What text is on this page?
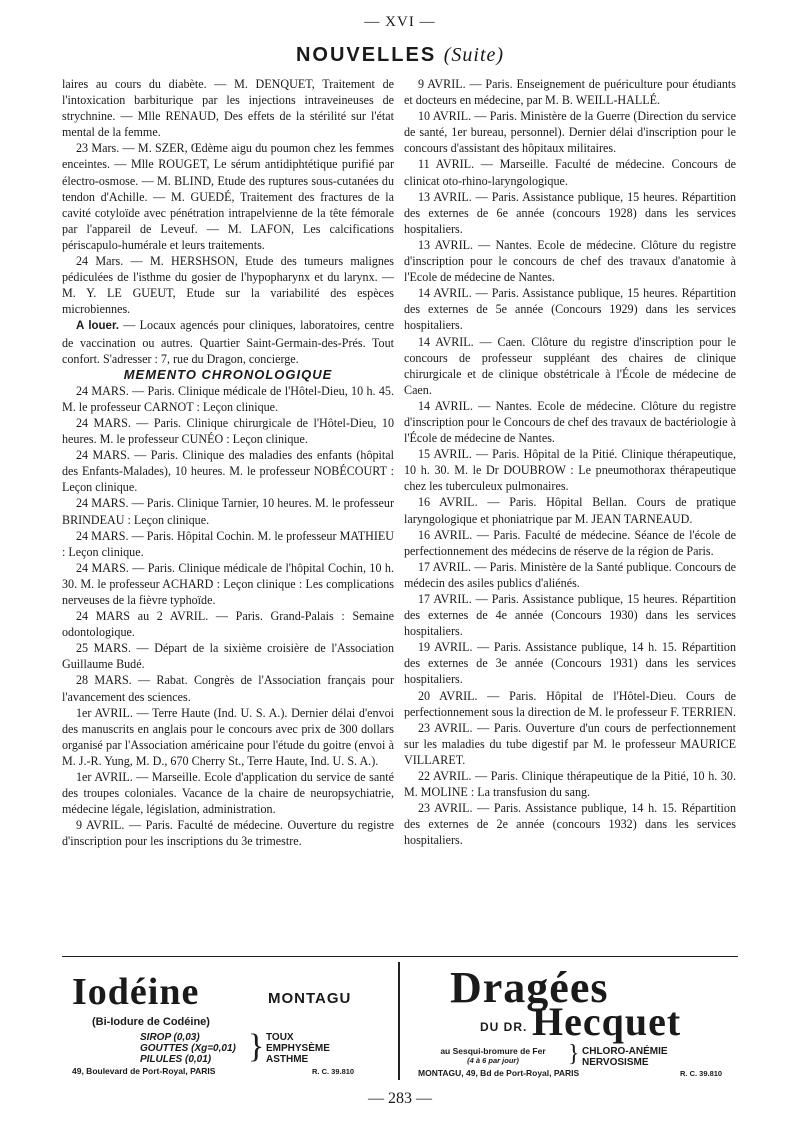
— XVI —
NOUVELLES (Suite)

laires au cours du diabète. — M. DENQUET, Traitement de l'intoxication barbiturique par les injections intraveineuses de strychnine. — Mlle RENAUD, Des effets de la stérilité sur l'état mental de la femme.

23 Mars. — M. SZER, Œdème aigu du poumon chez les femmes enceintes. — Mlle ROUGET, Le sérum antidiphtétique purifié par électro-osmose. — M. BLIND, Etude des ruptures sous-cutanées du tendon d'Achille. — M. GUEDÉ, Traitement des fractures de la cavité cotyloïde avec pénétration intrapelvienne de la tête fémorale par l'appareil de Leveuf. — M. LAFON, Les calcifications périscapulo-humérale et leurs traitements.

24 Mars. — M. HERSHSON, Etude des tumeurs malignes pédiculées de l'isthme du gosier de l'hypopharynx et du larynx. — M. Y. LE GUEUT, Etude sur la variabilité des espèces microbiennes.

A louer. — Locaux agencés pour cliniques, laboratoires, centre de vaccination ou autres. Quartier Saint-Germain-des-Prés. Tout confort. S'adresser : 7, rue du Dragon, concierge.

MEMENTO CHRONOLOGIQUE

24 MARS. — Paris. Clinique médicale de l'Hôtel-Dieu, 10 h. 45. M. le professeur CARNOT : Leçon clinique.

24 MARS. — Paris. Clinique chirurgicale de l'Hôtel-Dieu, 10 heures. M. le professeur CUNÉO : Leçon clinique.

24 MARS. — Paris. Clinique des maladies des enfants (hôpital des Enfants-Malades), 10 heures. M. le professeur NOBÉCOURT : Leçon clinique.

24 MARS. — Paris. Clinique Tarnier, 10 heures. M. le professeur BRINDEAU : Leçon clinique.

24 MARS. — Paris. Hôpital Cochin. M. le professeur MATHIEU : Leçon clinique.

24 MARS. — Paris. Clinique médicale de l'hôpital Cochin, 10 h. 30. M. le professeur ACHARD : Leçon clinique : Les complications nerveuses de la fièvre typhoïde.

24 MARS au 2 AVRIL. — Paris. Grand-Palais : Semaine odontologique.

25 MARS. — Départ de la sixième croisière de l'Association Guillaume Budé.

28 MARS. — Rabat. Congrès de l'Association français pour l'avancement des sciences.

1er AVRIL. — Terre Haute (Ind. U. S. A.). Dernier délai d'envoi des manuscrits en anglais pour le concours avec prix de 300 dollars organisé par l'Association américaine pour l'étude du goitre (envoi à M. J.-R. Yung, M. D., 670 Cherry St., Terre Haute, Ind. U. S. A.).

1er AVRIL. — Marseille. Ecole d'application du service de santé des troupes coloniales. Vacance de la chaire de neuropsychiatrie, médecine légale, législation, administration.

9 AVRIL. — Paris. Faculté de médecine. Ouverture du registre d'inscription pour les inscriptions du 3e trimestre.

9 AVRIL. — Paris. Enseignement de puériculture pour étudiants et docteurs en médecine, par M. B. WEILL-HALLÉ.

10 AVRIL. — Paris. Ministère de la Guerre (Direction du service de santé, 1er bureau, personnel). Dernier délai d'inscription pour le concours d'assistant des hôpitaux militaires.

11 AVRIL. — Marseille. Faculté de médecine. Concours de clinicat oto-rhino-laryngologique.

13 AVRIL. — Paris. Assistance publique, 15 heures. Répartition des externes de 6e année (concours 1928) dans les services hospitaliers.

13 AVRIL. — Nantes. Ecole de médecine. Clôture du registre d'inscription pour le concours de chef des travaux d'anatomie à l'Ecole de médecine de Nantes.

14 AVRIL. — Paris. Assistance publique, 15 heures. Répartition des externes de 5e année (Concours 1929) dans les services hospitaliers.

14 AVRIL. — Caen. Clôture du registre d'inscription pour le concours de professeur suppléant des chaires de clinique chirurgicale et de clinique obstétricale à l'École de médecine de Caen.

14 AVRIL. — Nantes. Ecole de médecine. Clôture du registre d'inscription pour le Concours de chef des travaux de bactériologie à l'École de médecine de Nantes.

15 AVRIL. — Paris. Hôpital de la Pitié. Clinique thérapeutique, 10 h. 30. M. le Dr DOUBROW : Le pneumothorax thérapeutique chez les tuberculeux pulmonaires.

16 AVRIL. — Paris. Hôpital Bellan. Cours de pratique laryngologique et phoniatrique par M. JEAN TARNEAUD.

16 AVRIL. — Paris. Faculté de médecine. Séance de l'école de perfectionnement des médecins de réserve de la région de Paris.

17 AVRIL. — Paris. Ministère de la Santé publique. Concours de médecin des asiles publics d'aliénés.

17 AVRIL. — Paris. Assistance publique, 15 heures. Répartition des externes de 4e année (Concours 1930) dans les services hospitaliers.

19 AVRIL. — Paris. Assistance publique, 14 h. 15. Répartition des externes de 3e année (Concours 1931) dans les services hospitaliers.

20 AVRIL. — Paris. Hôpital de l'Hôtel-Dieu. Cours de perfectionnement sous la direction de M. le professeur F. TERRIEN.

23 AVRIL. — Paris. Ouverture d'un cours de perfectionnement sur les maladies du tube digestif par M. le professeur MAURICE VILLARET.

22 AVRIL. — Paris. Clinique thérapeutique de la Pitié, 10 h. 30. M. MOLINE : La transfusion du sang.

23 AVRIL. — Paris. Assistance publique, 14 h. 15. Répartition des externes de 2e année (concours 1932) dans les services hospitaliers.

Iodéine	MONTAGU
(Bi-Iodure de Codéine)
SIROP (0,03)
GOUTTES (Xg=0,01)
PILULES (0,01)	} TOUX
EMPHYSÈME
ASTHME
49, Boulevard de Port-Royal, PARIS	R. C. 39.810
Dragées
DU DR. Hecquet
au Sesqui-bromure de Fer
(4 à 6 par jour)	} CHLORO-ANÉMIE
NERVOSISME
MONTAGU, 49, Bd de Port-Royal, PARIS	R. C. 39.810
— 283 —
